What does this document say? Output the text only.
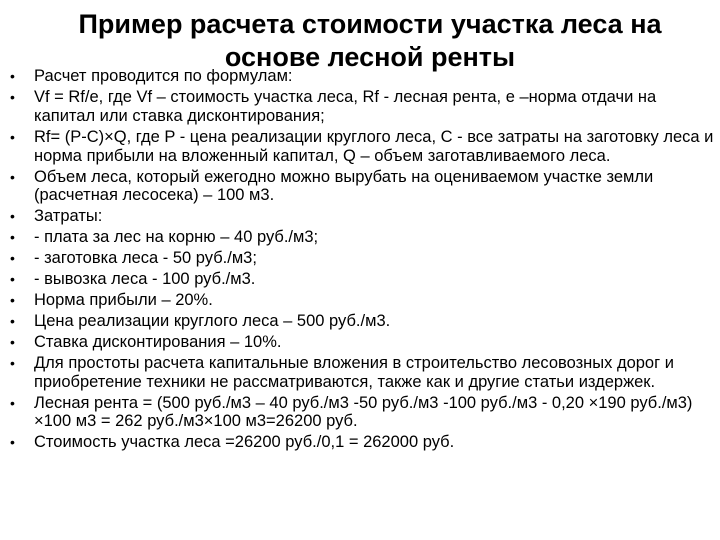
Пример расчета стоимости участка леса на основе лесной ренты
• Расчет проводится по формулам:
• Vf = Rf/e, где Vf – стоимость участка леса, Rf - лесная рента, e –норма отдачи на капитал или ставка дисконтирования;
• Rf= (P-C)×Q, где P - цена реализации круглого леса, C - все затраты на заготовку леса и норма прибыли на вложенный капитал, Q – объем заготавливаемого леса.
• Объем леса, который ежегодно можно вырубать на оцениваемом участке земли (расчетная лесосека) – 100 м3.
• Затраты:
• - плата за лес на корню – 40 руб./м3;
• - заготовка леса - 50 руб./м3;
• - вывозка леса - 100 руб./м3.
• Норма прибыли – 20%.
• Цена реализации круглого леса – 500 руб./м3.
• Ставка дисконтирования – 10%.
• Для простоты расчета капитальные вложения в строительство лесовозных дорог и приобретение техники не рассматриваются, также как и другие статьи издержек.
• Лесная рента = (500 руб./м3 – 40 руб./м3 -50 руб./м3 -100 руб./м3 - 0,20 ×190 руб./м3) ×100 м3 = 262 руб./м3×100 м3=26200 руб.
• Стоимость участка леса =26200 руб./0,1 = 262000 руб.
